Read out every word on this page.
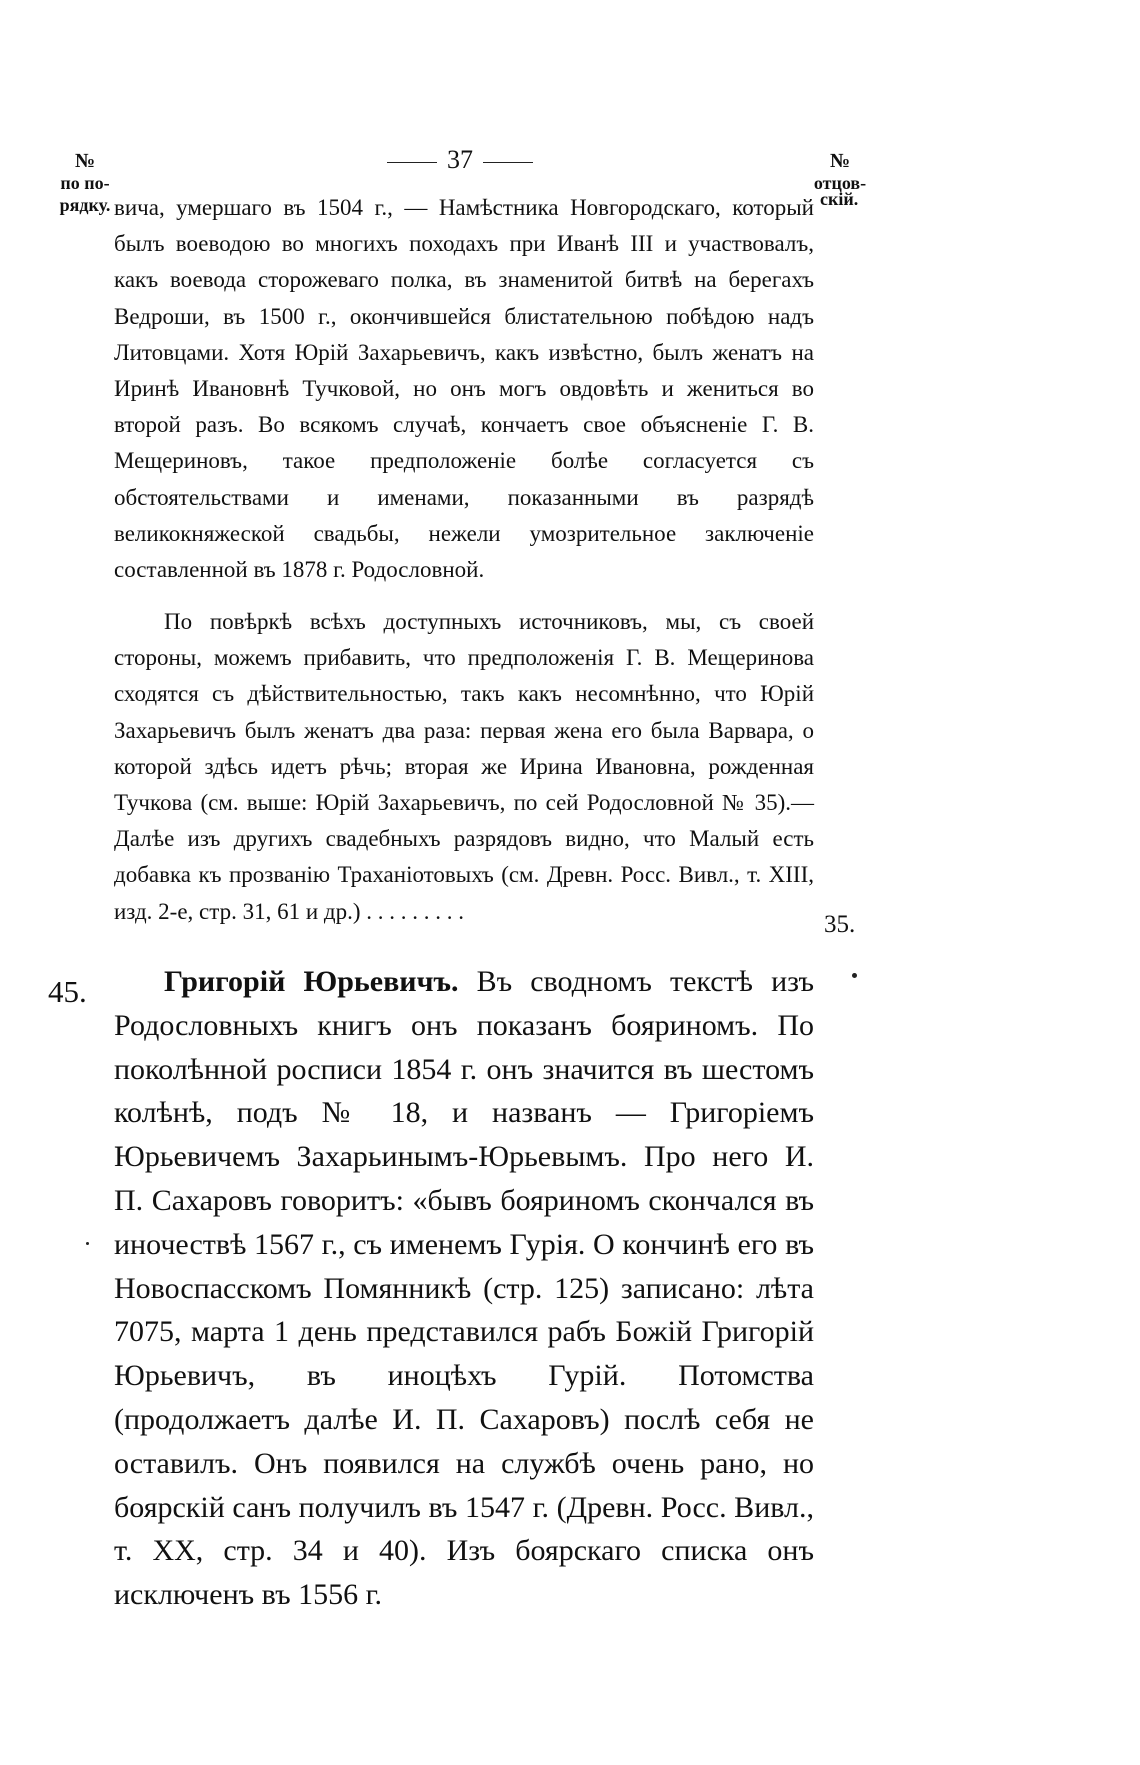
№
по по-
рядку.
37	№
отцов-
скій.

вича, умершаго въ 1504 г., — Намѣстника Новгородскаго, который былъ воеводою во многихъ походахъ при Иванѣ III и участвовалъ, какъ воевода сторожеваго полка, въ знаменитой битвѣ на берегахъ Ведроши, въ 1500 г., окончившейся блистательною побѣдою надъ Литовцами. Хотя Юрій Захарьевичъ, какъ извѣстно, былъ женатъ на Иринѣ Ивановнѣ Тучковой, но онъ могъ овдовѣть и жениться во второй разъ. Во всякомъ случаѣ, кончаетъ свое объясненіе Г. В. Мещериновъ, такое предположеніе болѣе согласуется съ обстоятельствами и именами, показанными въ разрядѣ великокняжеской свадьбы, нежели умозрительное заключеніе составленной въ 1878 г. Родословной.

По повѣркѣ всѣхъ доступныхъ источниковъ, мы, съ своей стороны, можемъ прибавить, что предположенія Г. В. Мещеринова сходятся съ дѣйствительностью, такъ какъ несомнѣнно, что Юрій Захарьевичъ былъ женатъ два раза: первая жена его была Варвара, о которой здѣсь идетъ рѣчь; вторая же Ирина Ивановна, рожденная Тучкова (см. выше: Юрій Захарьевичъ, по сей Родословной № 35).—Далѣе изъ другихъ свадебныхъ разрядовъ видно, что Малый есть добавка къ прозванію Траханіотовыхъ (см. Древн. Росс. Вивл., т. XIII, изд. 2-е, стр. 31, 61 и др.) . . . . . . . . .	35.
45.	Григорій Юрьевичъ. Въ сводномъ текстѣ изъ Родословныхъ книгъ онъ показанъ бояриномъ. По поколѣнной росписи 1854 г. онъ значится въ шестомъ колѣнѣ, подъ № 18, и названъ — Григоріемъ Юрьевичемъ Захарьинымъ-Юрьевымъ. Про него И. П. Сахаровъ говоритъ: «бывъ бояриномъ скончался въ иночествѣ 1567 г., съ именемъ Гурія. О кончинѣ его въ Новоспасскомъ Помянникѣ (стр. 125) записано: лѣта 7075, марта 1 день представился рабъ Божій Григорій Юрьевичъ, въ иноцѣхъ Гурій. Потомства (продолжаетъ далѣе И. П. Сахаровъ) послѣ себя не оставилъ. Онъ появился на службѣ очень рано, но боярскій санъ получилъ въ 1547 г. (Древн. Росс. Вивл., т. XX, стр. 34 и 40). Изъ боярскаго списка онъ исключенъ въ 1556 г.
